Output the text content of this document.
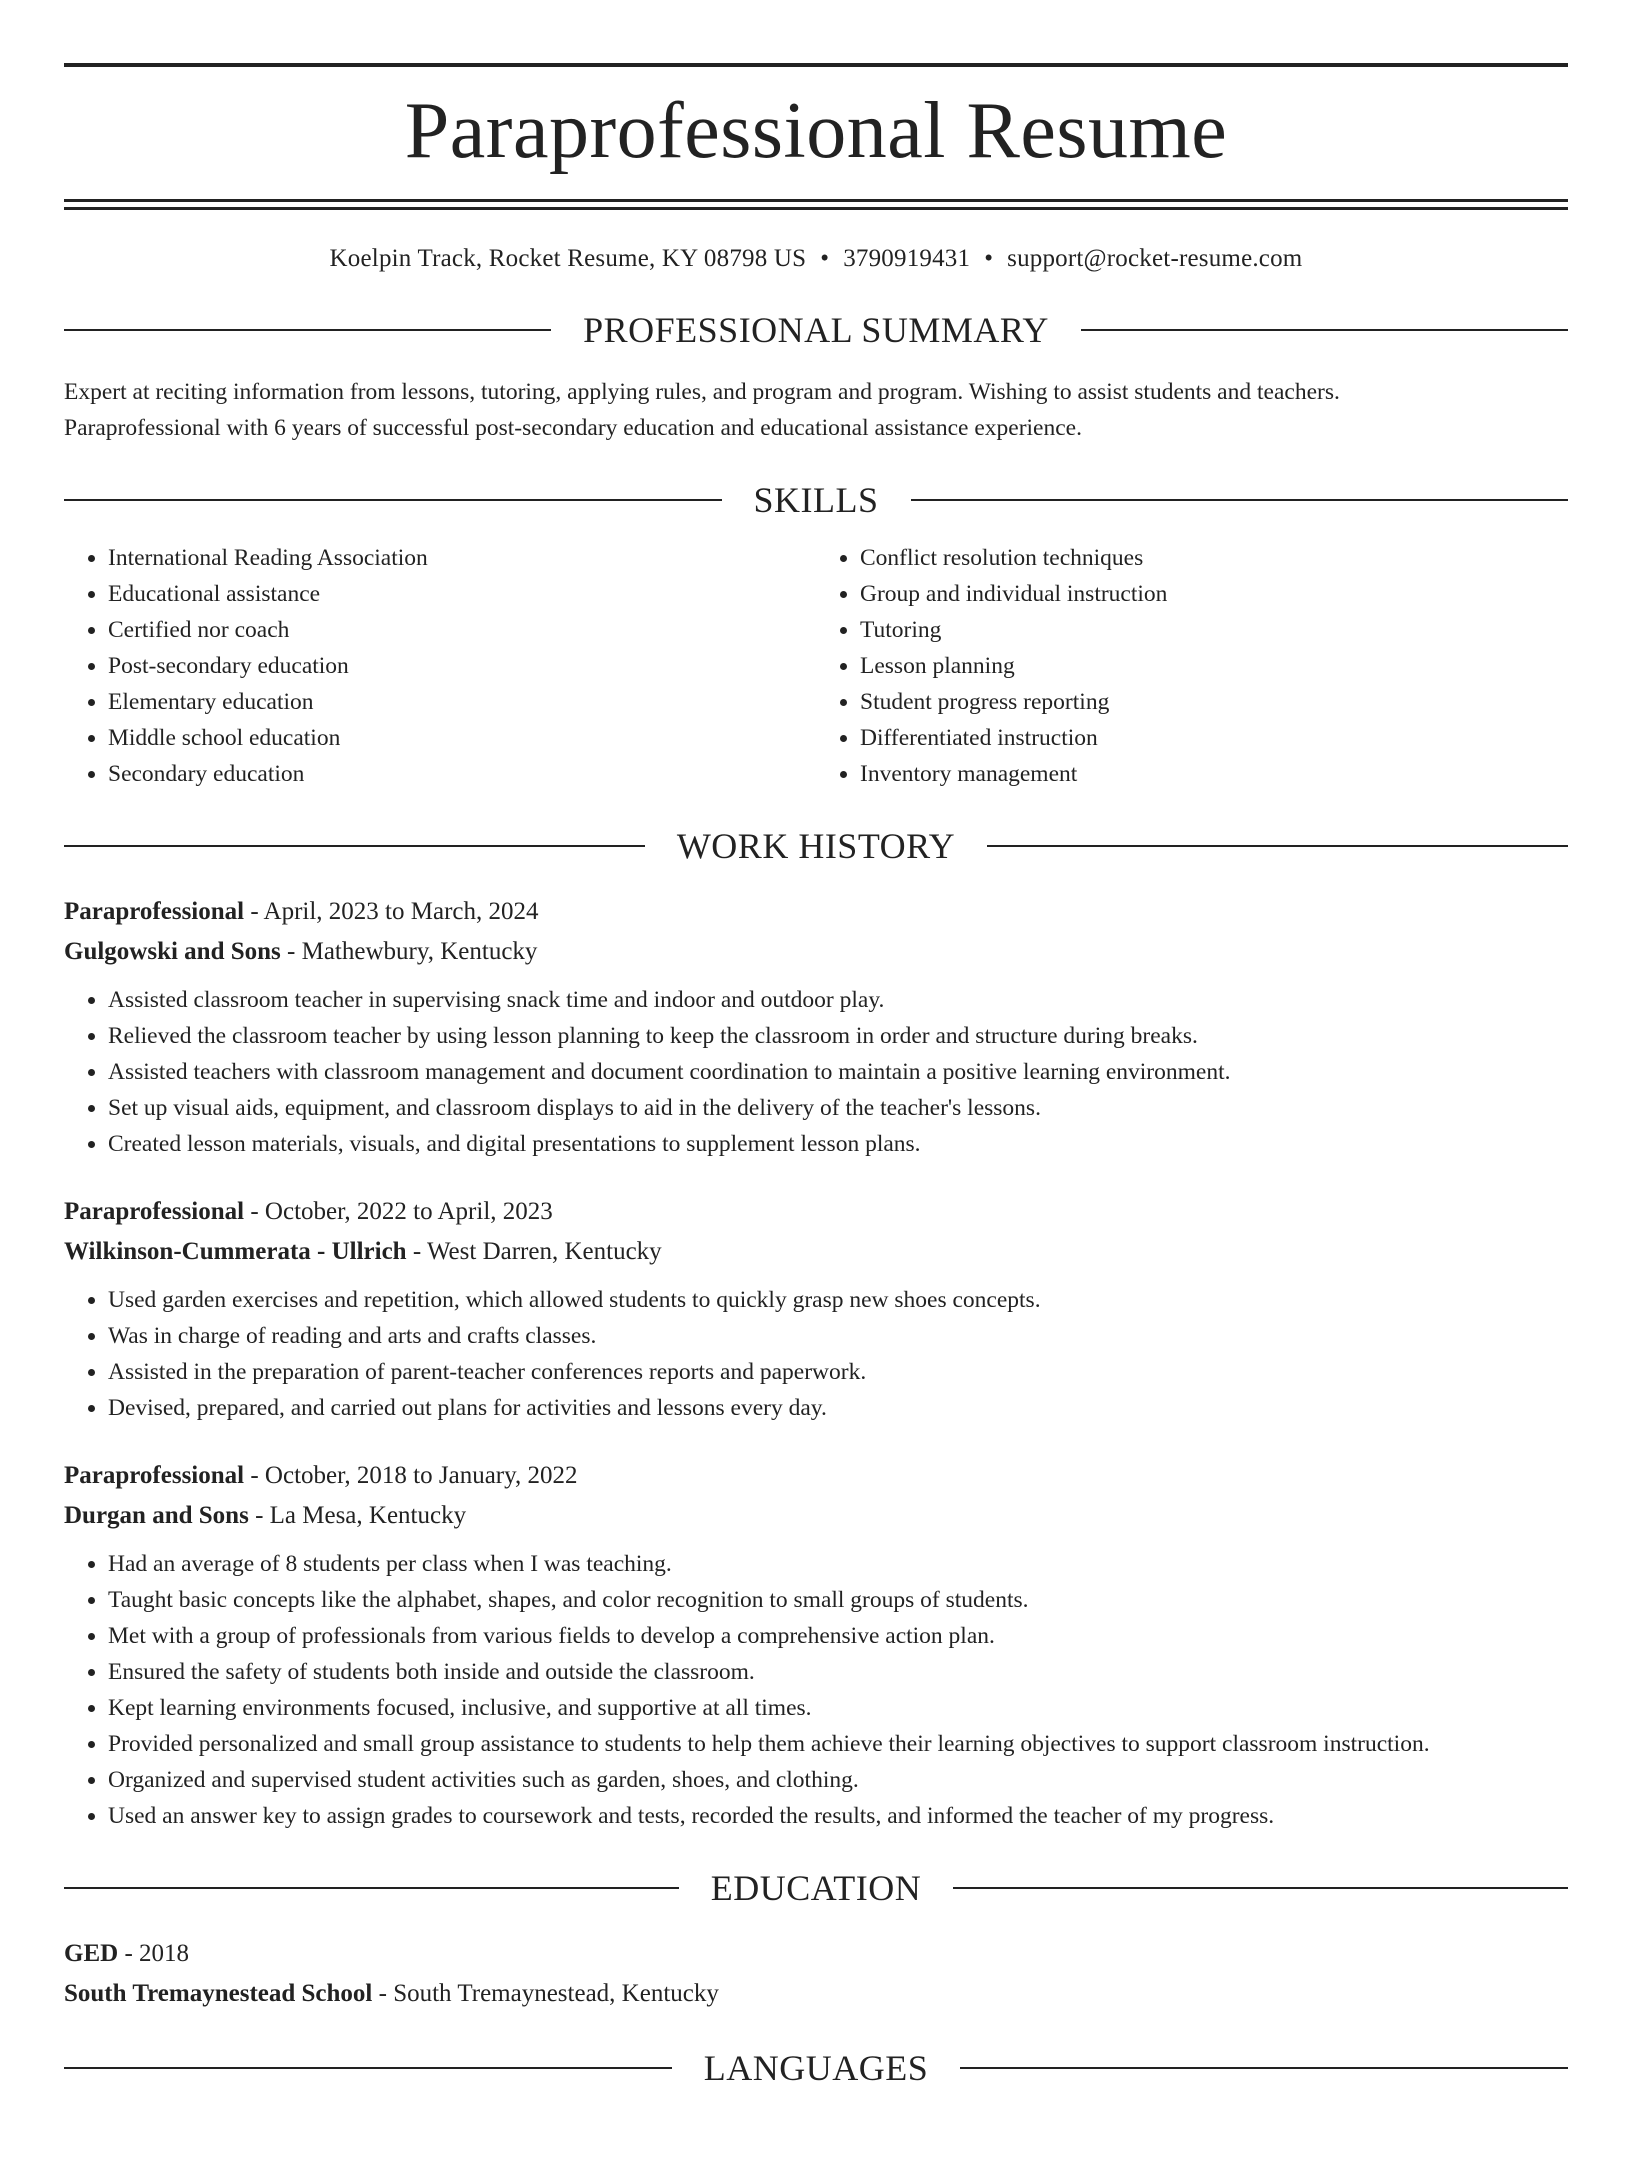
Paraprofessional Resume
Koelpin Track, Rocket Resume, KY 08798 US • 3790919431 • support@rocket-resume.com
PROFESSIONAL SUMMARY
Expert at reciting information from lessons, tutoring, applying rules, and program and program. Wishing to assist students and teachers.
Paraprofessional with 6 years of successful post-secondary education and educational assistance experience.
SKILLS
• International Reading Association
• Educational assistance
• Certified nor coach
• Post-secondary education
• Elementary education
• Middle school education
• Secondary education
• Conflict resolution techniques
• Group and individual instruction
• Tutoring
• Lesson planning
• Student progress reporting
• Differentiated instruction
• Inventory management
WORK HISTORY
Paraprofessional - April, 2023 to March, 2024
Gulgowski and Sons - Mathewbury, Kentucky
• Assisted classroom teacher in supervising snack time and indoor and outdoor play.
• Relieved the classroom teacher by using lesson planning to keep the classroom in order and structure during breaks.
• Assisted teachers with classroom management and document coordination to maintain a positive learning environment.
• Set up visual aids, equipment, and classroom displays to aid in the delivery of the teacher's lessons.
• Created lesson materials, visuals, and digital presentations to supplement lesson plans.
Paraprofessional - October, 2022 to April, 2023
Wilkinson-Cummerata - Ullrich - West Darren, Kentucky
• Used garden exercises and repetition, which allowed students to quickly grasp new shoes concepts.
• Was in charge of reading and arts and crafts classes.
• Assisted in the preparation of parent-teacher conferences reports and paperwork.
• Devised, prepared, and carried out plans for activities and lessons every day.
Paraprofessional - October, 2018 to January, 2022
Durgan and Sons - La Mesa, Kentucky
• Had an average of 8 students per class when I was teaching.
• Taught basic concepts like the alphabet, shapes, and color recognition to small groups of students.
• Met with a group of professionals from various fields to develop a comprehensive action plan.
• Ensured the safety of students both inside and outside the classroom.
• Kept learning environments focused, inclusive, and supportive at all times.
• Provided personalized and small group assistance to students to help them achieve their learning objectives to support classroom instruction.
• Organized and supervised student activities such as garden, shoes, and clothing.
• Used an answer key to assign grades to coursework and tests, recorded the results, and informed the teacher of my progress.
EDUCATION
GED - 2018
South Tremaynestead School - South Tremaynestead, Kentucky
LANGUAGES
